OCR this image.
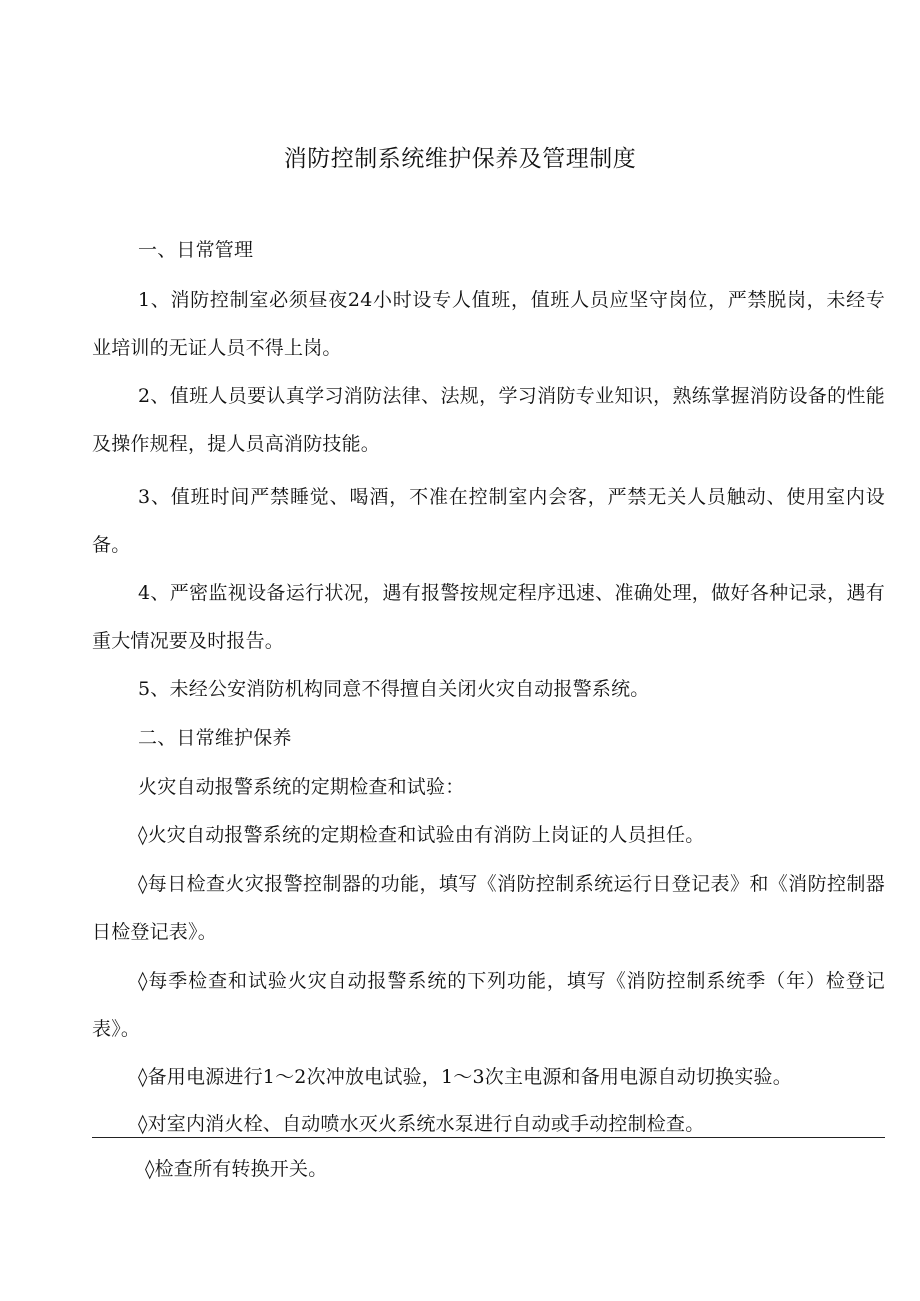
消防控制系统维护保养及管理制度
一、日常管理
1、消防控制室必须昼夜24小时设专人值班，值班人员应坚守岗位，严禁脱岗，未经专业培训的无证人员不得上岗。
2、值班人员要认真学习消防法律、法规，学习消防专业知识，熟练掌握消防设备的性能及操作规程，提人员高消防技能。
3、值班时间严禁睡觉、喝酒，不准在控制室内会客，严禁无关人员触动、使用室内设备。
4、严密监视设备运行状况，遇有报警按规定程序迅速、准确处理，做好各种记录，遇有重大情况要及时报告。
5、未经公安消防机构同意不得擅自关闭火灾自动报警系统。
二、日常维护保养
火灾自动报警系统的定期检查和试验：
◊火灾自动报警系统的定期检查和试验由有消防上岗证的人员担任。
◊每日检查火灾报警控制器的功能，填写《消防控制系统运行日登记表》和《消防控制器日检登记表》。
◊每季检查和试验火灾自动报警系统的下列功能，填写《消防控制系统季（年）检登记表》。
◊备用电源进行1～2次冲放电试验，1～3次主电源和备用电源自动切换实验。
◊对室内消火栓、自动喷水灭火系统水泵进行自动或手动控制检查。
◊检查所有转换开关。
